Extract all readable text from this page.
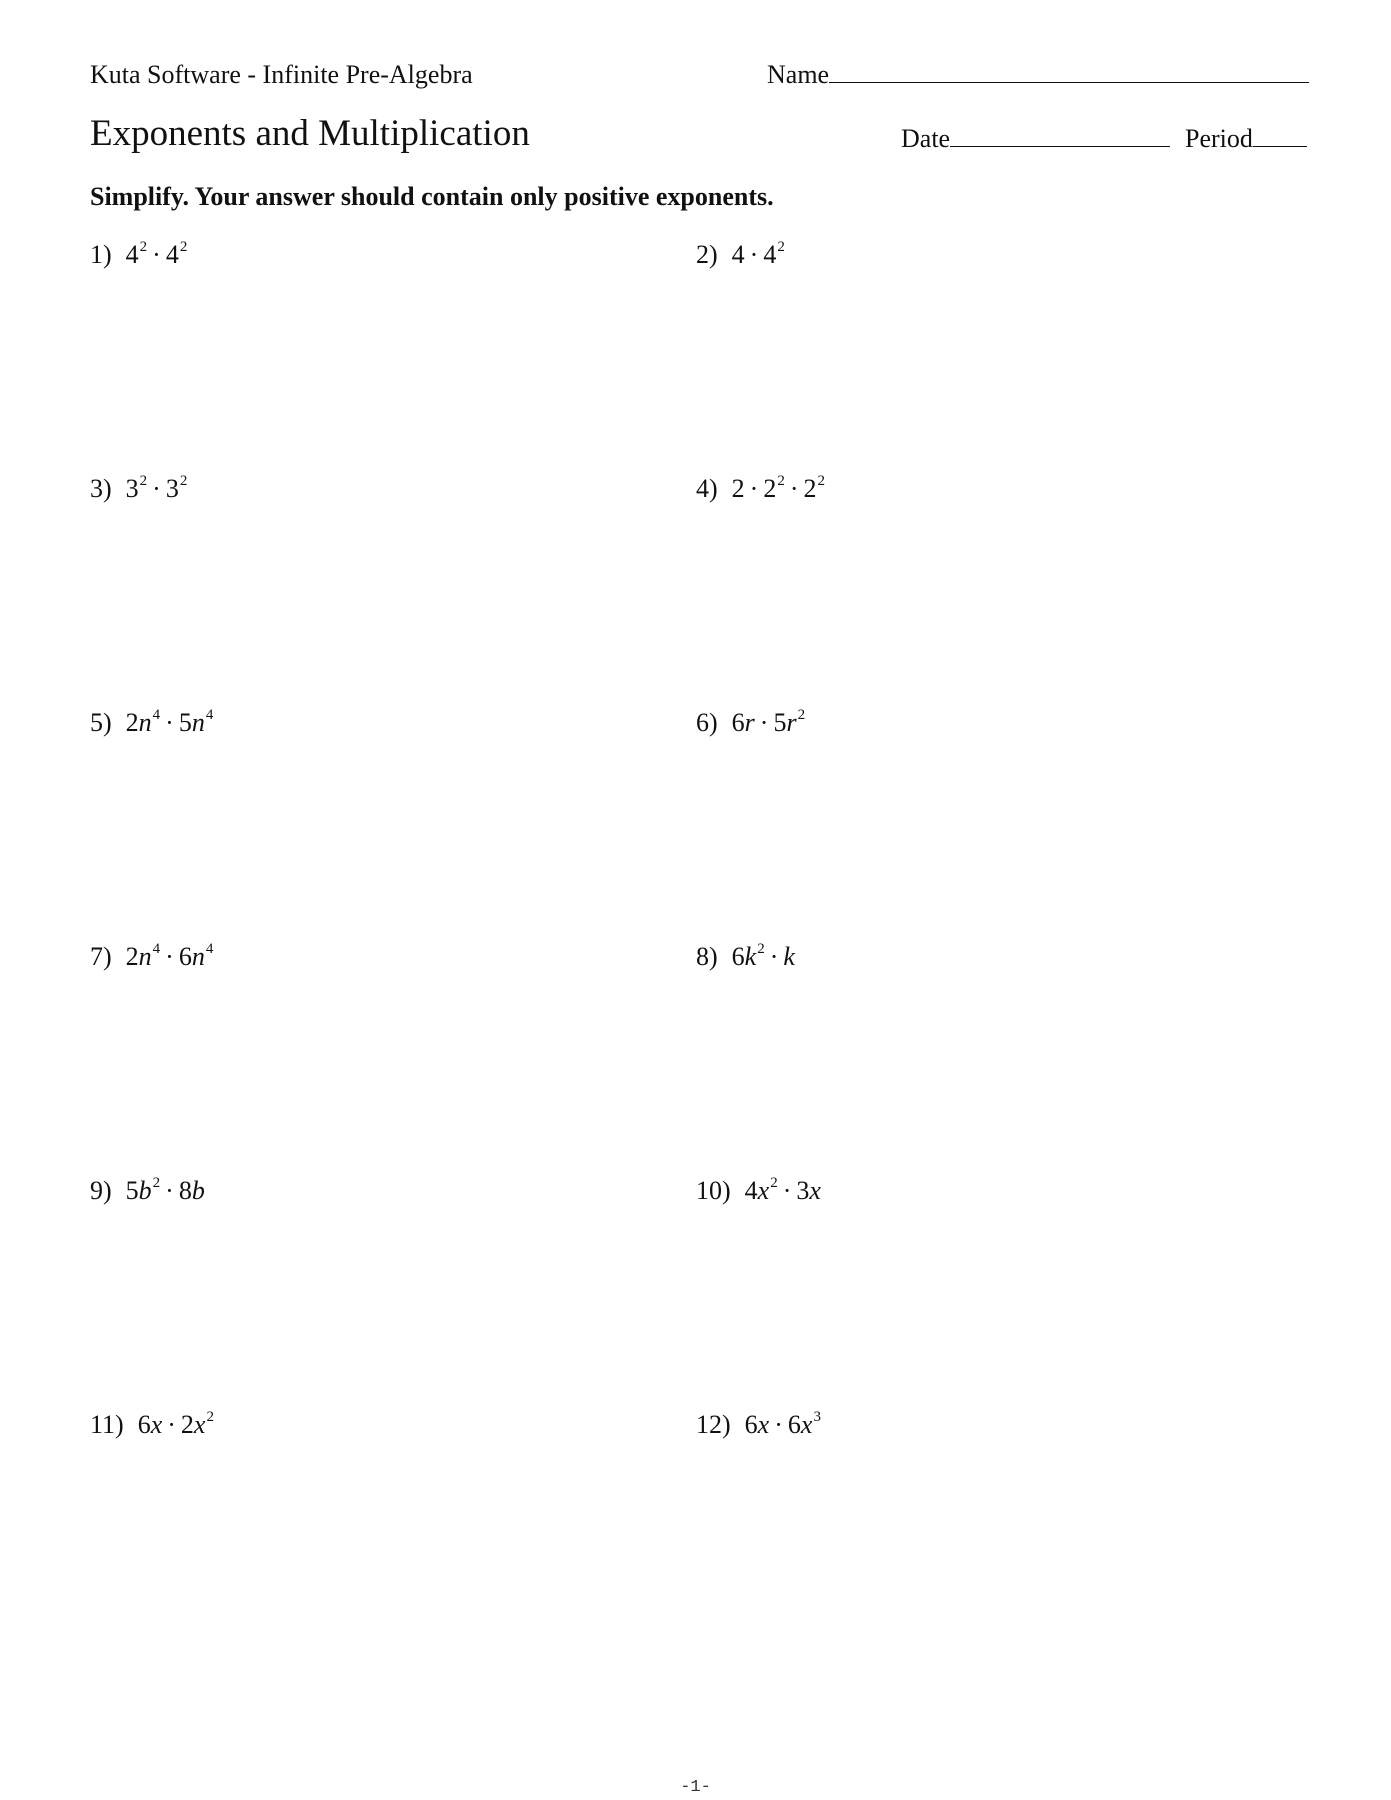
Kuta Software - Infinite Pre-Algebra	Name
Exponents and Multiplication	Date	Period
Simplify. Your answer should contain only positive exponents.
1) $4^2 \cdot 4^2$	2) $4 \cdot 4^2$
3) $3^2 \cdot 3^2$	4) $2 \cdot 2^2 \cdot 2^2$
5) $2n^4 \cdot 5n^4$	6) $6r \cdot 5r^2$
7) $2n^4 \cdot 6n^4$	8) $6k^2 \cdot k$
9) $5b^2 \cdot 8b$	10) $4x^2 \cdot 3x$
11) $6x \cdot 2x^2$	12) $6x \cdot 6x^3$
-1-
